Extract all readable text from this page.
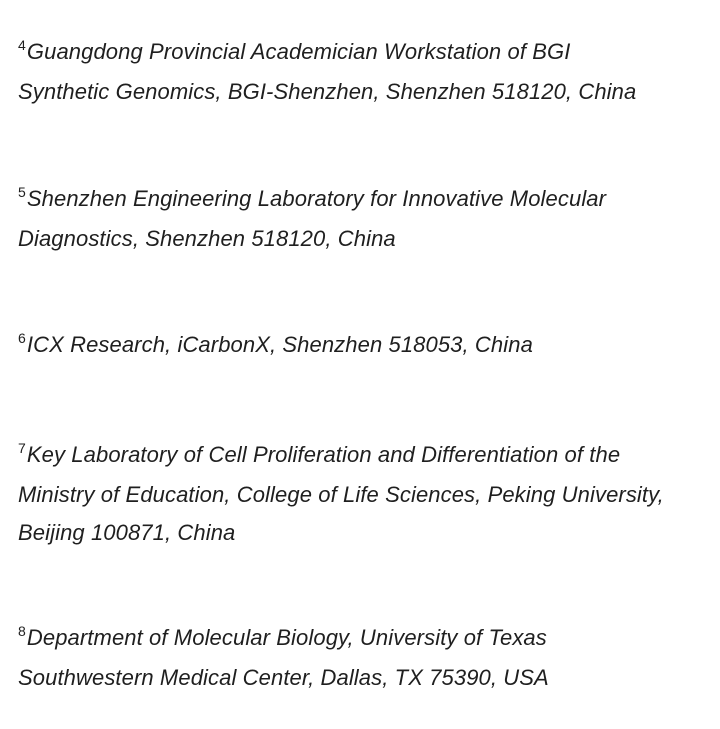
$^4$Guangdong Provincial Academician Workstation of BGI
Synthetic Genomics, BGI-Shenzhen, Shenzhen 518120, China
$^5$Shenzhen Engineering Laboratory for Innovative Molecular
Diagnostics, Shenzhen 518120, China
$^6$ICX Research, iCarbonX, Shenzhen 518053, China
$^7$Key Laboratory of Cell Proliferation and Differentiation of the
Ministry of Education, College of Life Sciences, Peking University,
Beijing 100871, China
$^8$Department of Molecular Biology, University of Texas
Southwestern Medical Center, Dallas, TX 75390, USA
